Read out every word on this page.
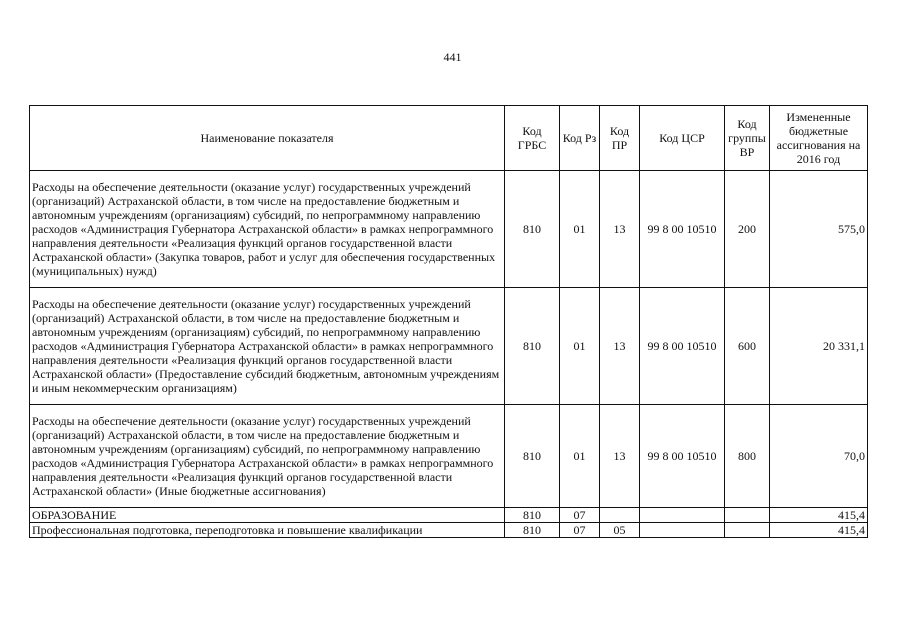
441
Наименование показателя	Код ГРБС	Код Рз	Код ПР	Код ЦСР	Код группы ВР	Измененные бюджетные ассигнования на 2016 год
Расходы на обеспечение деятельности (оказание услуг) государственных учреждений (организаций) Астраханской области, в том числе на предоставление бюджетным и автономным учреждениям (организациям) субсидий, по непрограммному направлению расходов «Администрация Губернатора Астраханской области» в рамках непрограммного направления деятельности «Реализация функций органов государственной власти Астраханской области» (Закупка товаров, работ и услуг для обеспечения государственных (муниципальных) нужд)	810	01	13	99 8 00 10510	200	575,0
Расходы на обеспечение деятельности (оказание услуг) государственных учреждений (организаций) Астраханской области, в том числе на предоставление бюджетным и автономным учреждениям (организациям) субсидий, по непрограммному направлению расходов «Администрация Губернатора Астраханской области» в рамках непрограммного направления деятельности «Реализация функций органов государственной власти Астраханской области» (Предоставление субсидий бюджетным, автономным учреждениям и иным некоммерческим организациям)	810	01	13	99 8 00 10510	600	20 331,1
Расходы на обеспечение деятельности (оказание услуг) государственных учреждений (организаций) Астраханской области, в том числе на предоставление бюджетным и автономным учреждениям (организациям) субсидий, по непрограммному направлению расходов «Администрация Губернатора Астраханской области» в рамках непрограммного направления деятельности «Реализация функций органов государственной власти Астраханской области» (Иные бюджетные ассигнования)	810	01	13	99 8 00 10510	800	70,0
ОБРАЗОВАНИЕ	810	07				415,4
Профессиональная подготовка, переподготовка и повышение квалификации	810	07	05			415,4
